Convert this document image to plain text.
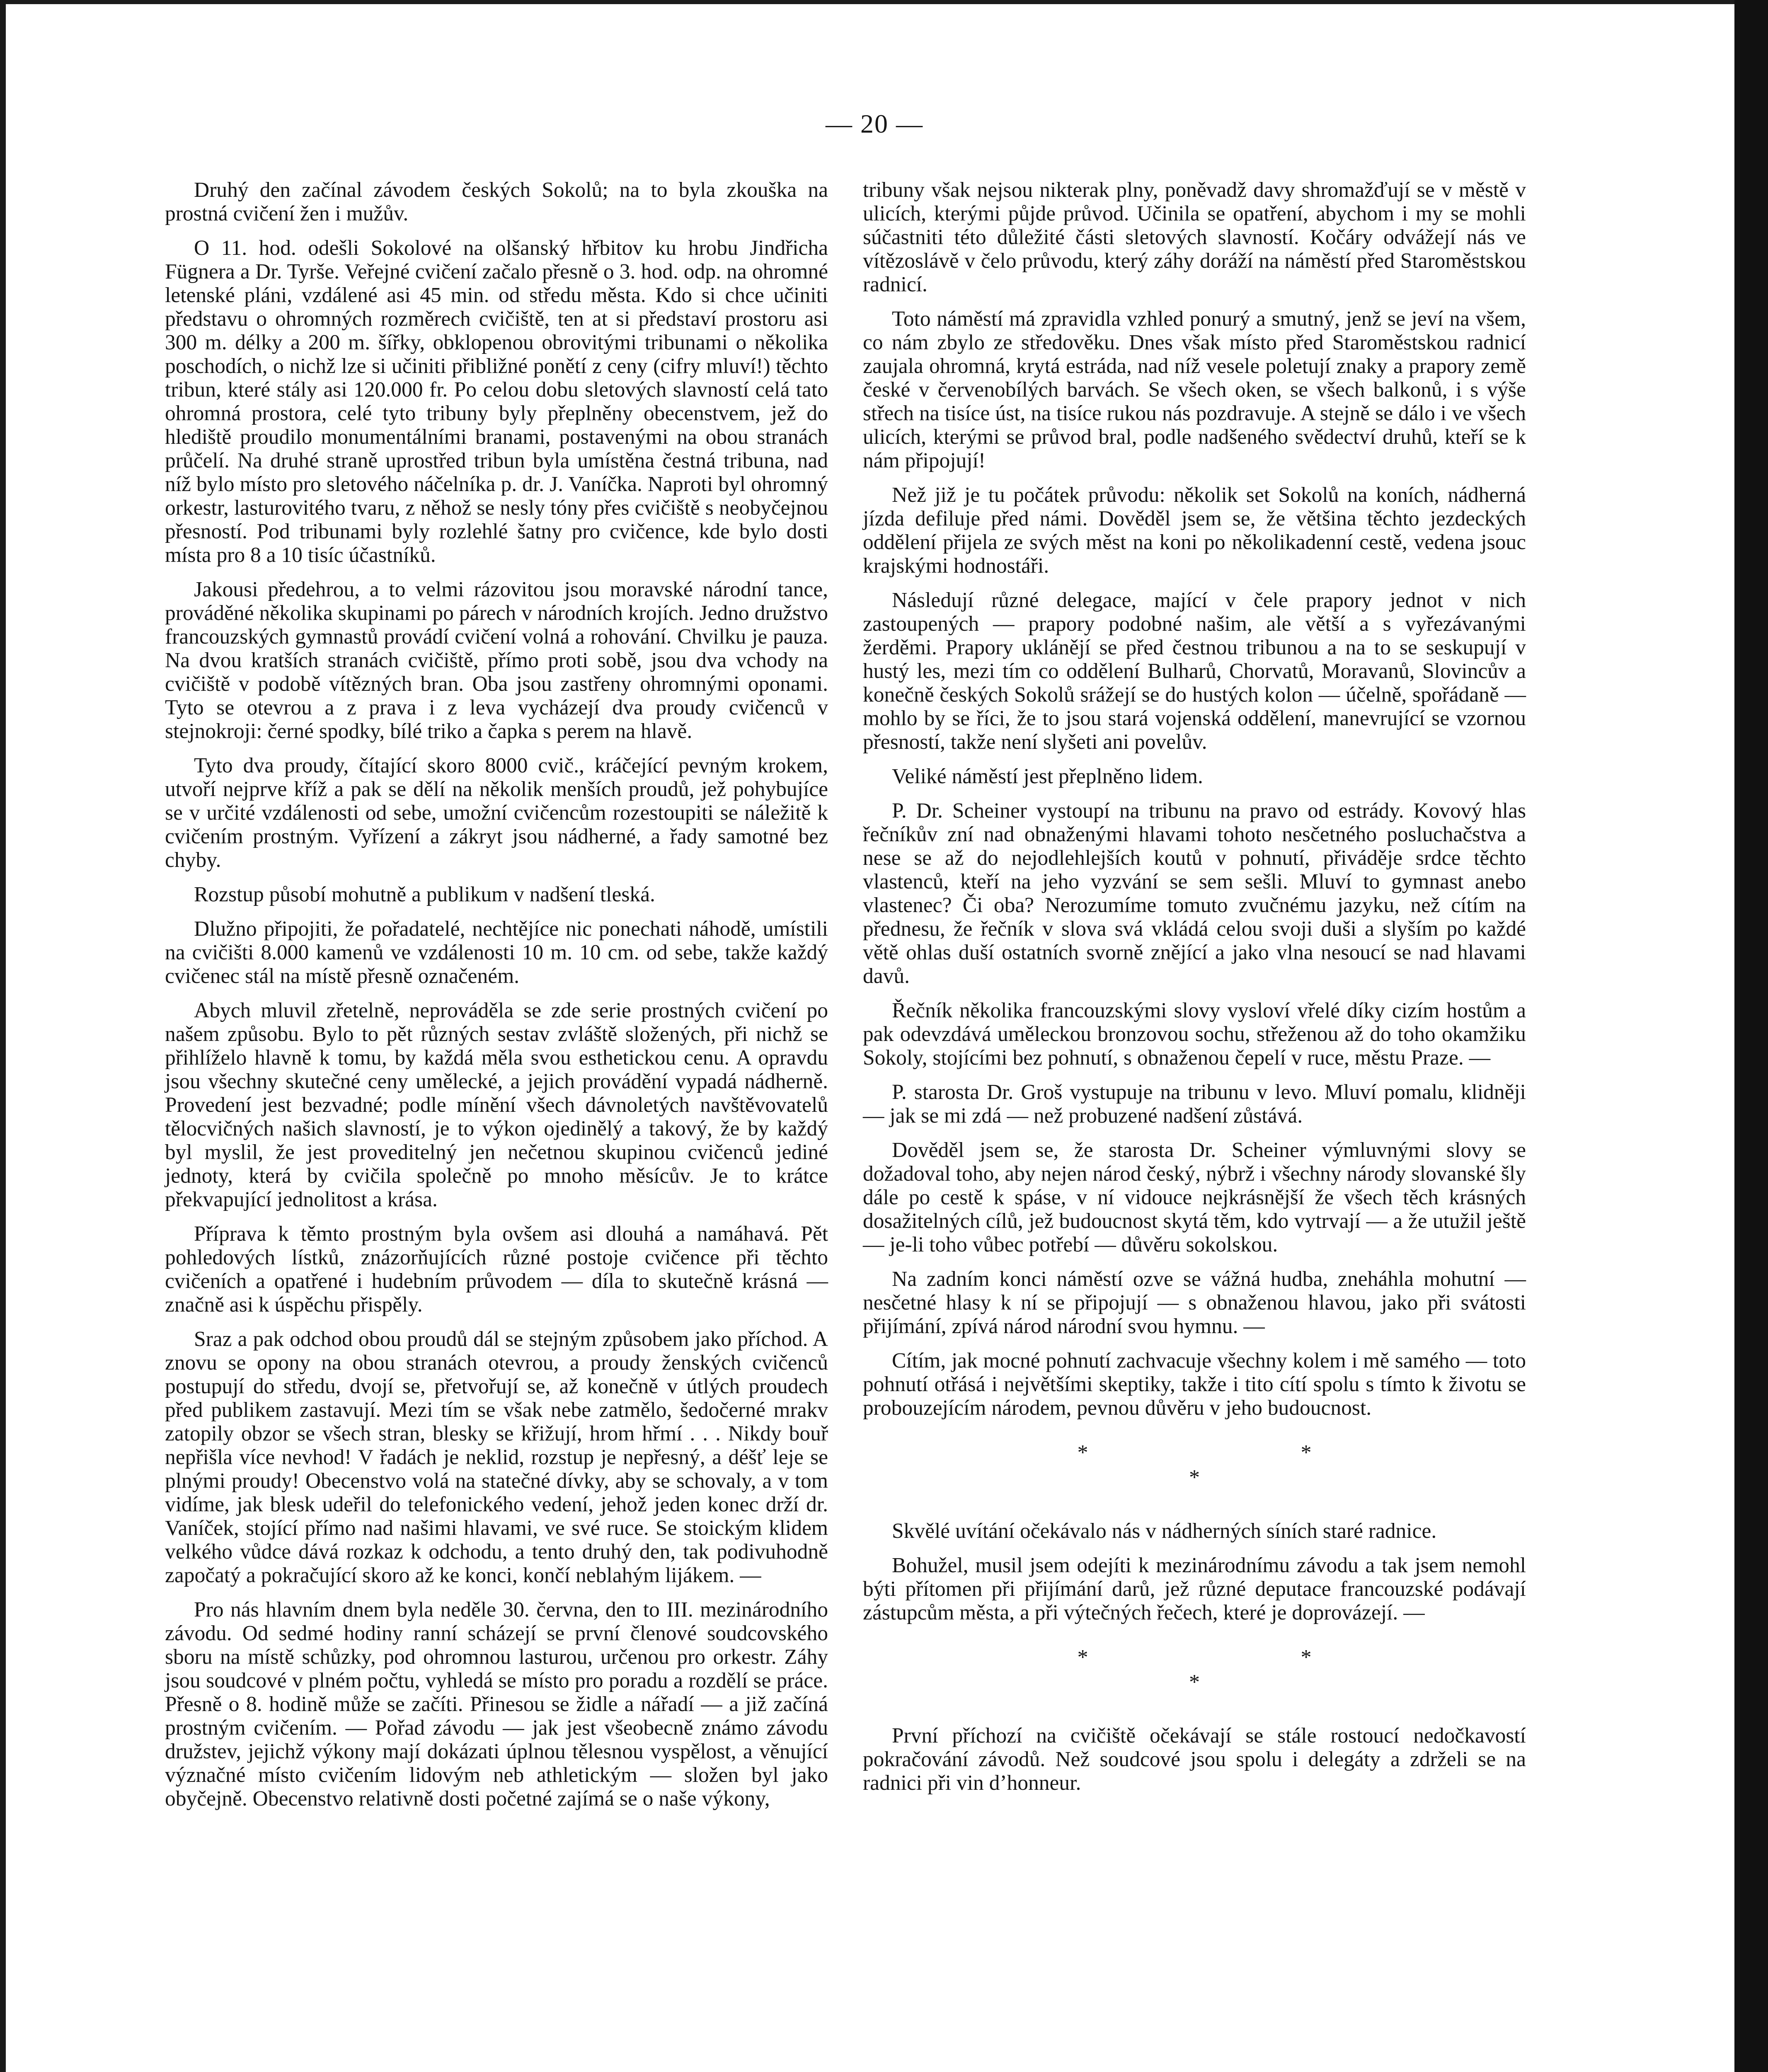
— 20 —

Druhý den začínal závodem českých Sokolů; na to byla zkouška na prostná cvičení žen i mužův.

O 11. hod. odešli Sokolové na olšanský hřbitov ku hrobu Jindřicha Fügnera a Dr. Tyrše. Veřejné cvičení začalo přesně o 3. hod. odp. na ohromné letenské pláni, vzdálené asi 45 min. od středu města. Kdo si chce učiniti představu o ohromných rozměrech cvičiště, ten at si představí prostoru asi 300 m. délky a 200 m. šířky, obklopenou obrovitými tribunami o několika poschodích, o nichž lze si učiniti přibližné ponětí z ceny (cifry mluví!) těchto tribun, které stály asi 120.000 fr. Po celou dobu sletových slavností celá tato ohromná prostora, celé tyto tribuny byly přeplněny obecenstvem, jež do hlediště proudilo monumentálními branami, postavenými na obou stranách průčelí. Na druhé straně uprostřed tribun byla umístěna čestná tribuna, nad níž bylo místo pro sletového náčelníka p. dr. J. Vaníčka. Naproti byl ohromný orkestr, lasturovitého tvaru, z něhož se nesly tóny přes cvičiště s neobyčejnou přesností. Pod tribunami byly rozlehlé šatny pro cvičence, kde bylo dosti místa pro 8 a 10 tisíc účastníků.

Jakousi předehrou, a to velmi rázovitou jsou moravské národní tance, prováděné několika skupinami po párech v národních krojích. Jedno družstvo francouzských gymnastů provádí cvičení volná a rohování. Chvilku je pauza. Na dvou kratších stranách cvičiště, přímo proti sobě, jsou dva vchody na cvičiště v podobě vítězných bran. Oba jsou zastřeny ohromnými oponami. Tyto se otevrou a z prava i z leva vycházejí dva proudy cvičenců v stejnokroji: černé spodky, bílé triko a čapka s perem na hlavě.

Tyto dva proudy, čítající skoro 8000 cvič., kráčející pevným krokem, utvoří nejprve kříž a pak se dělí na několik menších proudů, jež pohybujíce se v určité vzdálenosti od sebe, umožní cvičencům rozestoupiti se náležitě k cvičením prostným. Vyřízení a zákryt jsou nádherné, a řady samotné bez chyby.

Rozstup působí mohutně a publikum v nadšení tleská.

Dlužno připojiti, že pořadatelé, nechtějíce nic ponechati náhodě, umístili na cvičišti 8.000 kamenů ve vzdálenosti 10 m. 10 cm. od sebe, takže každý cvičenec stál na místě přesně označeném.

Abych mluvil zřetelně, neprováděla se zde serie prostných cvičení po našem způsobu. Bylo to pět různých sestav zvláště složených, při nichž se přihlíželo hlavně k tomu, by každá měla svou esthetickou cenu. A opravdu jsou všechny skutečné ceny umělecké, a jejich provádění vypadá nádherně. Provedení jest bezvadné; podle mínění všech dávnoletých navštěvovatelů tělocvičných našich slavností, je to výkon ojedinělý a takový, že by každý byl myslil, že jest proveditelný jen nečetnou skupinou cvičenců jediné jednoty, která by cvičila společně po mnoho měsícův. Je to krátce překvapující jednolitost a krása.

Příprava k těmto prostným byla ovšem asi dlouhá a namáhavá. Pět pohledových lístků, znázorňujících různé postoje cvičence při těchto cvičeních a opatřené i hudebním průvodem — díla to skutečně krásná — značně asi k úspěchu přispěly.

Sraz a pak odchod obou proudů dál se stejným způsobem jako příchod. A znovu se opony na obou stranách otevrou, a proudy ženských cvičenců postupují do středu, dvojí se, přetvořují se, až konečně v útlých proudech před publikem zastavují. Mezi tím se však nebe zatmělo, šedočerné mrakv zatopily obzor se všech stran, blesky se křižují, hrom hřmí . . . Nikdy bouř nepřišla více nevhod! V řadách je neklid, rozstup je nepřesný, a déšť leje se plnými proudy! Obecenstvo volá na statečné dívky, aby se schovaly, a v tom vidíme, jak blesk udeřil do telefonického vedení, jehož jeden konec drží dr. Vaníček, stojící přímo nad našimi hlavami, ve své ruce. Se stoickým klidem velkého vůdce dává rozkaz k odchodu, a tento druhý den, tak podivuhodně započatý a pokračující skoro až ke konci, končí neblahým lijákem. —

Pro nás hlavním dnem byla neděle 30. června, den to III. mezinárodního závodu. Od sedmé hodiny ranní scházejí se první členové soudcovského sboru na místě schůzky, pod ohromnou lasturou, určenou pro orkestr. Záhy jsou soudcové v plném počtu, vyhledá se místo pro poradu a rozdělí se práce. Přesně o 8. hodině může se začíti. Přinesou se židle a nářadí — a již začíná prostným cvičením. — Pořad závodu — jak jest všeobecně známo závodu družstev, jejichž výkony mají dokázati úplnou tělesnou vyspělost, a věnující význačné místo cvičením lidovým neb athletickým — složen byl jako obyčejně. Obecenstvo relativně dosti početné zajímá se o naše výkony,

tribuny však nejsou nikterak plny, poněvadž davy shromažďují se v městě v ulicích, kterými půjde průvod. Učinila se opatření, abychom i my se mohli súčastniti této důležité části sletových slavností. Kočáry odvážejí nás ve vítězoslávě v čelo průvodu, který záhy doráží na náměstí před Staroměstskou radnicí.

Toto náměstí má zpravidla vzhled ponurý a smutný, jenž se jeví na všem, co nám zbylo ze středověku. Dnes však místo před Staroměstskou radnicí zaujala ohromná, krytá estráda, nad níž vesele poletují znaky a prapory země české v červenobílých barvách. Se všech oken, se všech balkonů, i s výše střech na tisíce úst, na tisíce rukou nás pozdravuje. A stejně se dálo i ve všech ulicích, kterými se průvod bral, podle nadšeného svědectví druhů, kteří se k nám připojují!

Než již je tu počátek průvodu: několik set Sokolů na koních, nádherná jízda defiluje před námi. Dověděl jsem se, že většina těchto jezdeckých oddělení přijela ze svých měst na koni po několikadenní cestě, vedena jsouc krajskými hodnostáři.

Následují různé delegace, mající v čele prapory jednot v nich zastoupených — prapory podobné našim, ale větší a s vyřezávanými žerděmi. Prapory uklánějí se před čestnou tribunou a na to se seskupují v hustý les, mezi tím co oddělení Bulharů, Chorvatů, Moravanů, Slovincův a konečně českých Sokolů srážejí se do hustých kolon — účelně, spořádaně — mohlo by se říci, že to jsou stará vojenská oddělení, manevrující se vzornou přesností, takže není slyšeti ani povelův.

Veliké náměstí jest přeplněno lidem.

P. Dr. Scheiner vystoupí na tribunu na pravo od estrády. Kovový hlas řečníkův zní nad obnaženými hlavami tohoto nesčetného posluchačstva a nese se až do nejodlehlejších koutů v pohnutí, přiváděje srdce těchto vlastenců, kteří na jeho vyzvání se sem sešli. Mluví to gymnast anebo vlastenec? Či oba? Nerozumíme tomuto zvučnému jazyku, než cítím na přednesu, že řečník v slova svá vkládá celou svoji duši a slyším po každé větě ohlas duší ostatních svorně znějící a jako vlna nesoucí se nad hlavami davů.

Řečník několika francouzskými slovy vysloví vřelé díky cizím hostům a pak odevzdává uměleckou bronzovou sochu, střeženou až do toho okamžiku Sokoly, stojícími bez pohnutí, s obnaženou čepelí v ruce, městu Praze. —

P. starosta Dr. Groš vystupuje na tribunu v levo. Mluví pomalu, klidněji — jak se mi zdá — než probuzené nadšení zůstává.

Dověděl jsem se, že starosta Dr. Scheiner výmluvnými slovy se dožadoval toho, aby nejen národ český, nýbrž i všechny národy slovanské šly dále po cestě k spáse, v ní vidouce nejkrásnější že všech těch krásných dosažitelných cílů, jež budoucnost skytá těm, kdo vytrvají — a že utužil ještě — je-li toho vůbec potřebí — důvěru sokolskou.

Na zadním konci náměstí ozve se vážná hudba, zneháhla mohutní — nesčetné hlasy k ní se připojují — s obnaženou hlavou, jako při svátosti přijímání, zpívá národ národní svou hymnu. —

Cítím, jak mocné pohnutí zachvacuje všechny kolem i mě samého — toto pohnutí otřásá i největšími skeptiky, takže i tito cítí spolu s tímto k životu se probouzejícím národem, pevnou důvěru v jeho budoucnost.

* *
*

Skvělé uvítání očekávalo nás v nádherných síních staré radnice.

Bohužel, musil jsem odejíti k mezinárodnímu závodu a tak jsem nemohl býti přítomen při přijímání darů, jež různé deputace francouzské podávají zástupcům města, a při výtečných řečech, které je doprovázejí. —

* *
*

První příchozí na cvičiště očekávají se stále rostoucí nedočkavostí pokračování závodů. Než soudcové jsou spolu i delegáty a zdrželi se na radnici při vin d’honneur.
